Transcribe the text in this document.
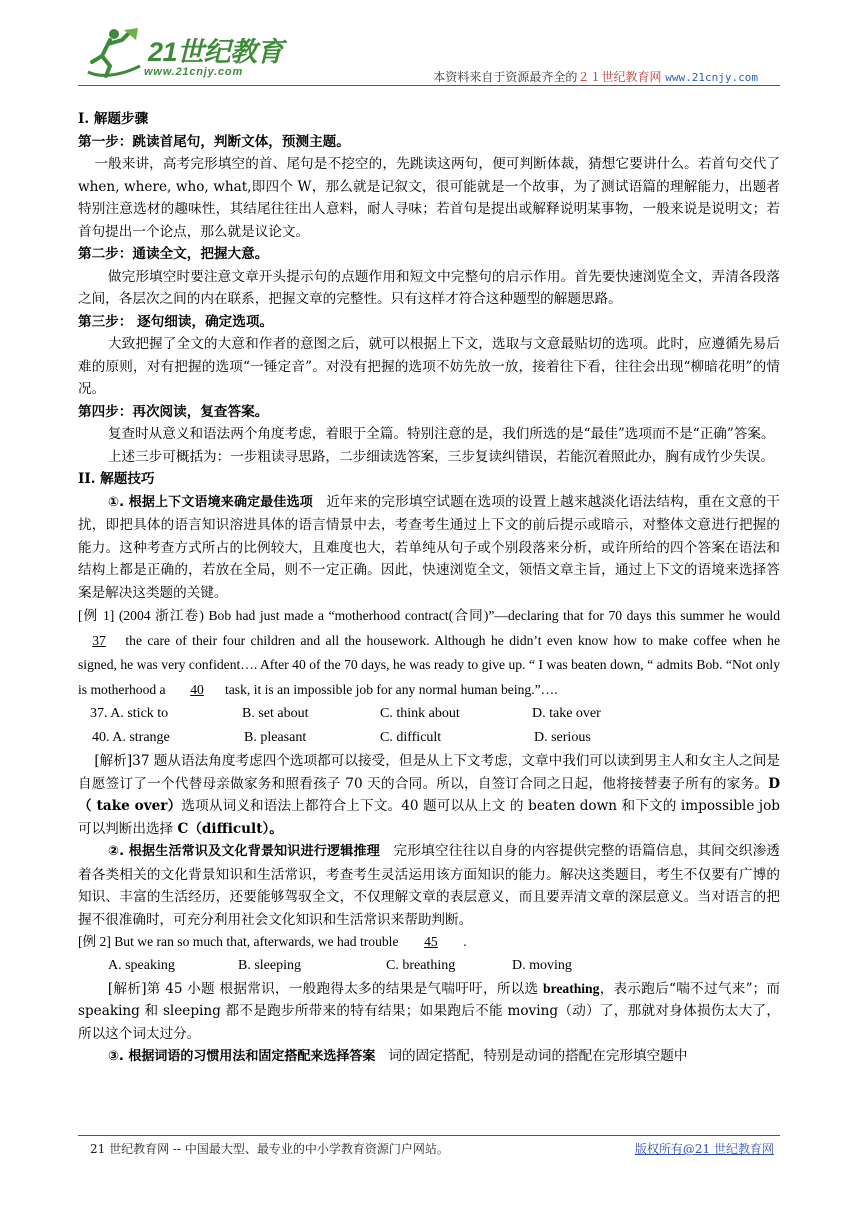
21世纪教育
www.21cnjy.com	本资料来自于资源最齐全的２１世纪教育网 www.21cnjy.com

I. 解题步骤

第一步：跳读首尾句，判断文体，预测主题。

一般来讲，高考完形填空的首、尾句是不挖空的，先跳读这两句，便可判断体裁，猜想它要讲什么。若首句交代了 when, where, who, what,即四个 W，那么就是记叙文，很可能就是一个故事，为了测试语篇的理解能力，出题者特别注意选材的趣味性，其结尾往往出人意料，耐人寻味；若首句是提出或解释说明某事物，一般来说是说明文；若首句提出一个论点，那么就是议论文。

第二步：通读全文，把握大意。

做完形填空时要注意文章开头提示句的点题作用和短文中完整句的启示作用。首先要快速浏览全文，弄清各段落之间，各层次之间的内在联系，把握文章的完整性。只有这样才符合这种题型的解题思路。

第三步： 逐句细读，确定选项。

大致把握了全文的大意和作者的意图之后，就可以根据上下文，选取与文意最贴切的选项。此时，应遵循先易后难的原则，对有把握的选项“一锤定音”。对没有把握的选项不妨先放一放，接着往下看，往往会出现“柳暗花明”的情况。

第四步：再次阅读，复查答案。

复查时从意义和语法两个角度考虑，着眼于全篇。特别注意的是，我们所选的是“最佳”选项而不是“正确”答案。

上述三步可概括为：一步粗读寻思路，二步细读选答案，三步复读纠错误，若能沉着照此办，胸有成竹少失误。

II. 解题技巧

①. 根据上下文语境来确定最佳选项 近年来的完形填空试题在选项的设置上越来越淡化语法结构，重在文意的干扰，即把具体的语言知识溶进具体的语言情景中去，考查考生通过上下文的前后提示或暗示，对整体文意进行把握的能力。这种考查方式所占的比例较大，且难度也大，若单纯从句子或个别段落来分析，或许所给的四个答案在语法和结构上都是正确的，若放在全局，则不一定正确。因此，快速浏览全文，领悟文章主旨，通过上下文的语境来选择答案是解决这类题的关键。

[例 1] (2004 浙江卷) Bob had just made a “motherhood contract(合同)”—declaring that for 70 days this summer he would 37 the care of their four children and all the housework. Although he didn’t even know how to make coffee when he signed, he was very confident…. After 40 of the 70 days, he was ready to give up. “ I was beaten down, “ admits Bob. “Not only is motherhood a 40 task, it is an impossible job for any normal human being.”….

37. A. stick to	B. set about	C. think about	D. take over
40. A. strange	B. pleasant	C. difficult	D. serious

[解析]37 题从语法角度考虑四个选项都可以接受，但是从上下文考虑，文章中我们可以读到男主人和女主人之间是自愿签订了一个代替母亲做家务和照看孩子 70 天的合同。所以，自签订合同之日起，他将接替妻子所有的家务。D（ take over）选项从词义和语法上都符合上下文。40 题可以从上文 的 beaten down 和下文的 impossible job 可以判断出选择 C（difficult）。

②. 根据生活常识及文化背景知识进行逻辑推理 完形填空往往以自身的内容提供完整的语篇信息，其间交织渗透着各类相关的文化背景知识和生活常识，考查考生灵活运用该方面知识的能力。解决这类题目，考生不仅要有广博的知识、丰富的生活经历，还要能够驾驭全文，不仅理解文章的表层意义，而且要弄清文章的深层意义。当对语言的把握不很准确时，可充分利用社会文化知识和生活常识来帮助判断。

[例 2] But we ran so much that, afterwards, we had trouble 45 .

A. speaking	B. sleeping	C. breathing	D. moving

[解析]第 45 小题 根据常识，一般跑得太多的结果是气喘吁吁，所以选 breathing，表示跑后“喘不过气来”；而 speaking 和 sleeping 都不是跑步所带来的特有结果；如果跑后不能 moving（动）了，那就对身体损伤太大了，所以这个词太过分。

③. 根据词语的习惯用法和固定搭配来选择答案 词的固定搭配，特别是动词的搭配在完形填空题中

21 世纪教育网 -- 中国最大型、最专业的中小学教育资源门户网站。	版权所有@21 世纪教育网
